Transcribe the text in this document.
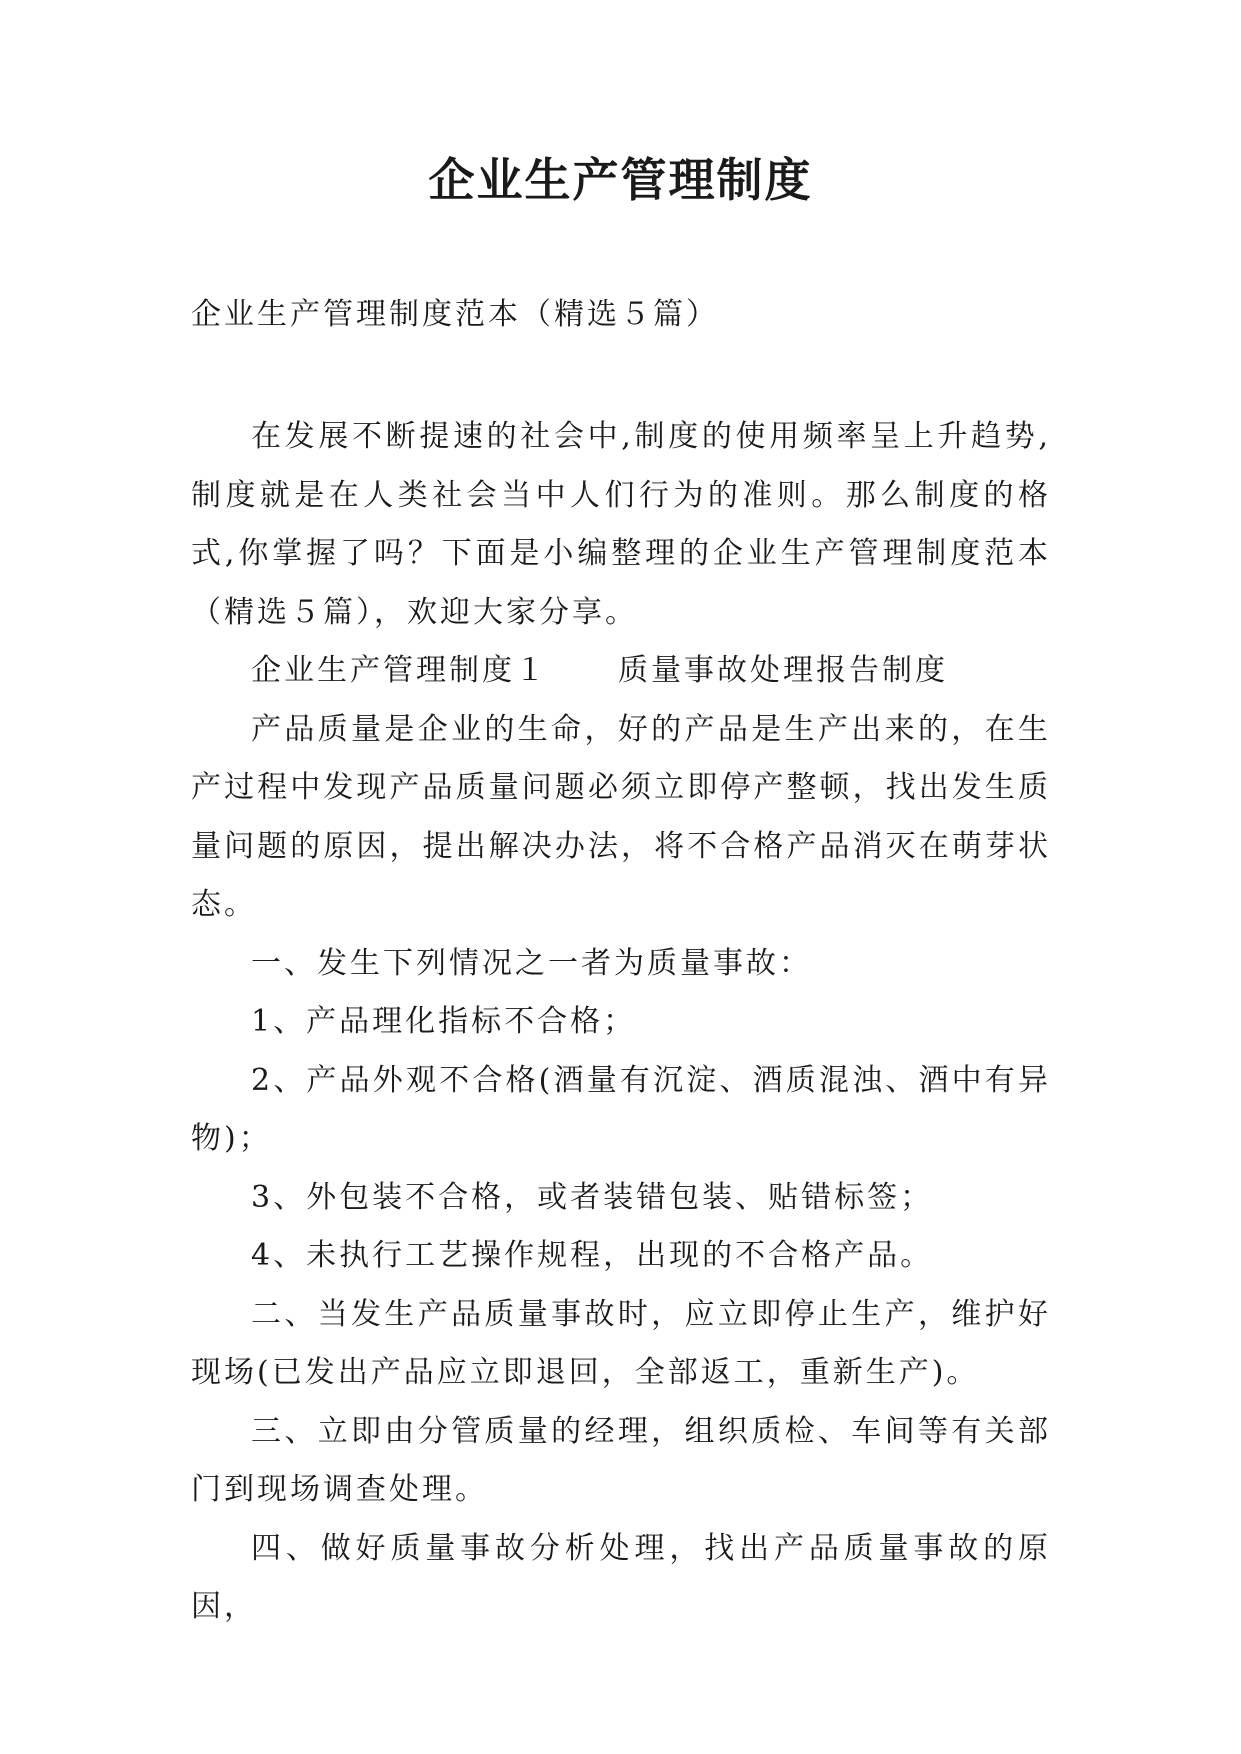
企业生产管理制度

企业生产管理制度范本（精选５篇）

在发展不断提速的社会中,制度的使用频率呈上升趋势,制度就是在人类社会当中人们行为的准则。那么制度的格式,你掌握了吗？下面是小编整理的企业生产管理制度范本（精选５篇），欢迎大家分享。

企业生产管理制度１ 质量事故处理报告制度

产品质量是企业的生命，好的产品是生产出来的，在生产过程中发现产品质量问题必须立即停产整顿，找出发生质量问题的原因，提出解决办法，将不合格产品消灭在萌芽状态。

一、发生下列情况之一者为质量事故：

1、产品理化指标不合格；

2、产品外观不合格(酒量有沉淀、酒质混浊、酒中有异物)；

3、外包装不合格，或者装错包装、贴错标签；

4、未执行工艺操作规程，出现的不合格产品。

二、当发生产品质量事故时，应立即停止生产，维护好现场(已发出产品应立即退回，全部返工，重新生产)。

三、立即由分管质量的经理，组织质检、车间等有关部门到现场调查处理。

四、做好质量事故分析处理，找出产品质量事故的原因，
